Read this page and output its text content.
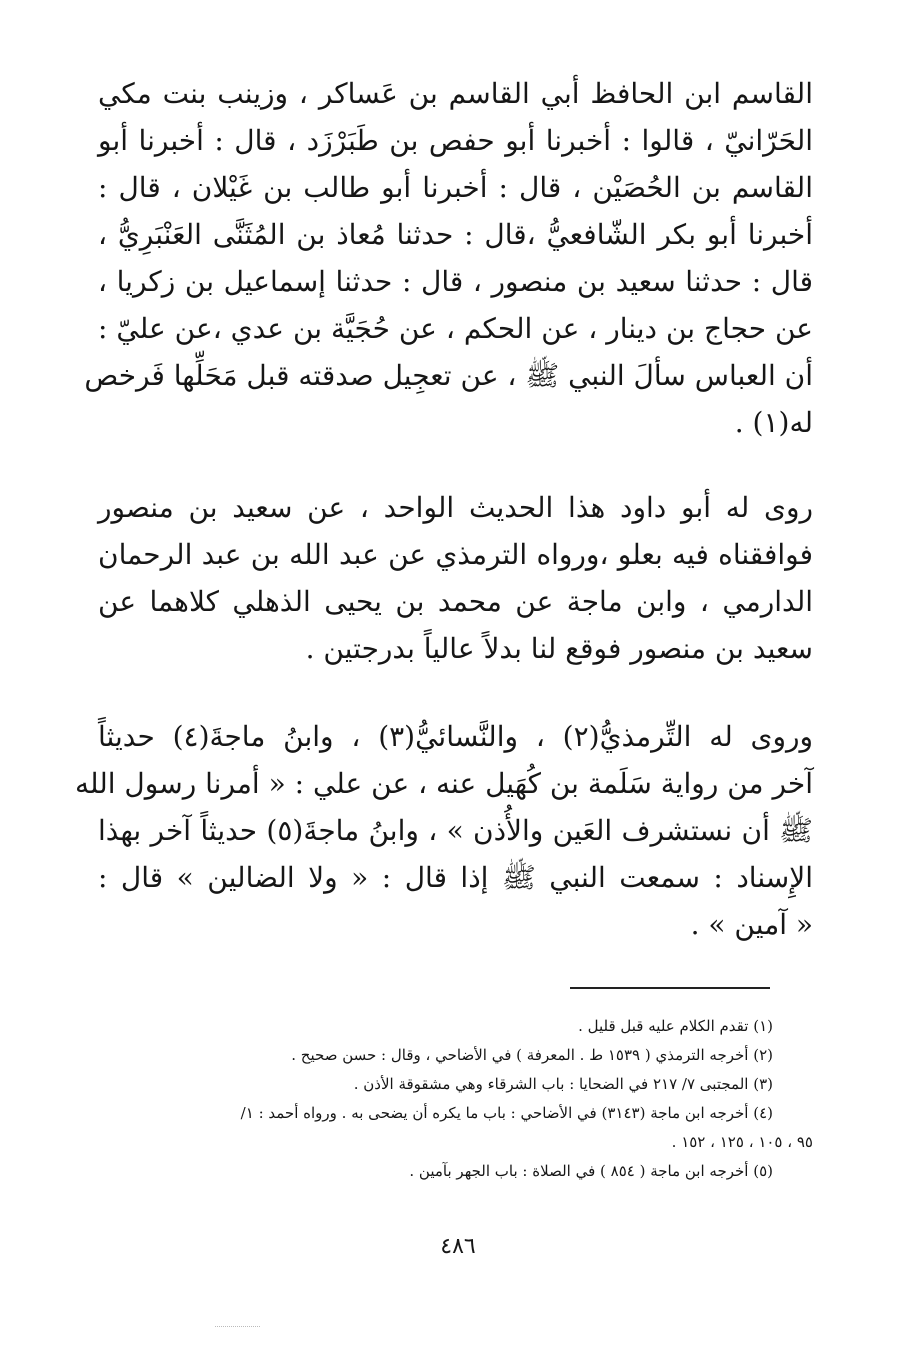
القاسم ابن الحافظ أبي القاسم بن عَساكر ، وزينب بنت مكي
الحَرّانيّ ، قالوا : أخبرنا أبو حفص بن طَبَرْزَد ، قال : أخبرنا أبو
القاسم بن الحُصَيْن ، قال : أخبرنا أبو طالب بن غَيْلان ، قال :
أخبرنا أبو بكر الشّافعيُّ ،قال : حدثنا مُعاذ بن المُثَنَّى العَنْبَرِيُّ ،
قال : حدثنا سعيد بن منصور ، قال : حدثنا إسماعيل بن زكريا ،
عن حجاج بن دينار ، عن الحكم ، عن حُجَيَّة بن عدي ،عن عليّ :
أن العباس سألَ النبي ﷺ ، عن تعجِيل صدقته قبل مَحَلِّها فَرخص
له(١) .
روى له أبو داود هذا الحديث الواحد ، عن سعيد بن منصور
فوافقناه فيه بعلو ،ورواه الترمذي عن عبد الله بن عبد الرحمان
الدارمي ، وابن ماجة عن محمد بن يحيى الذهلي كلاهما عن
سعيد بن منصور فوقع لنا بدلاً عالياً بدرجتين .
وروى له التِّرمذيُّ(٢) ، والنَّسائيُّ(٣) ، وابنُ ماجةَ(٤) حديثاً
آخر من رواية سَلَمة بن كُهَيل عنه ، عن علي : « أمرنا رسول الله
ﷺ أن نستشرف العَين والأُذن » ، وابنُ ماجةَ(٥) حديثاً آخر بهذا
الإِسناد : سمعت النبي ﷺ إذا قال : « ولا الضالين » قال :
« آمين » .
(١) تقدم الكلام عليه قبل قليل .
(٢) أخرجه الترمذي ( ١٥٣٩ ط . المعرفة ) في الأضاحي ، وقال : حسن صحيح .
(٣) المجتبى ٧/ ٢١٧ في الضحايا : باب الشرقاء وهي مشقوقة الأذن .
(٤) أخرجه ابن ماجة (٣١٤٣) في الأضاحي : باب ما يكره أن يضحى به . ورواه أحمد : ١/
٩٥ ، ١٠٥ ، ١٢٥ ، ١٥٢ .
(٥) أخرجه ابن ماجة ( ٨٥٤ ) في الصلاة : باب الجهر بآمين .
٤٨٦
